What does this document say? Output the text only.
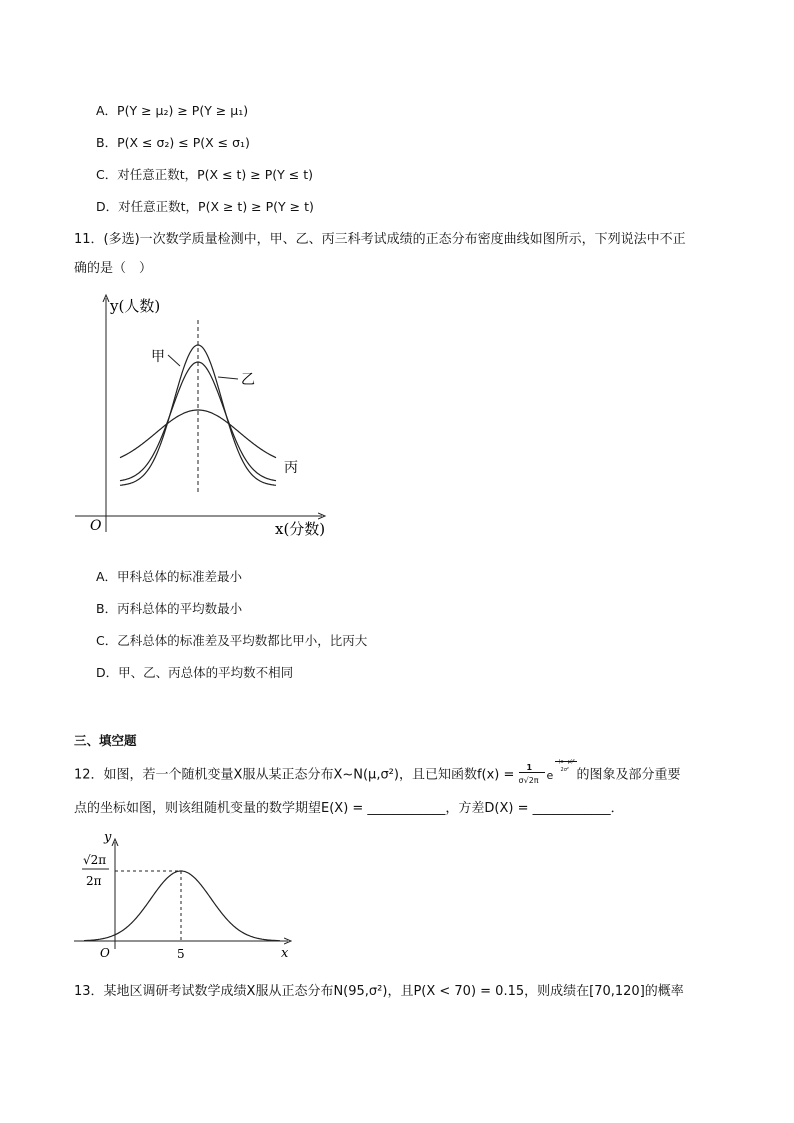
A．P(Y ≥ μ₂) ≥ P(Y ≥ μ₁)
B．P(X ≤ σ₂) ≤ P(X ≤ σ₁)
C．对任意正数t，P(X ≤ t) ≥ P(Y ≤ t)
D．对任意正数t，P(X ≥ t) ≥ P(Y ≥ t)
11．(多选)一次数学质量检测中，甲、乙、丙三科考试成绩的正态分布密度曲线如图所示，下列说法中不正
确的是（　）
y(人数)
甲
乙
丙
O	x(分数)
A．甲科总体的标准差最小
B．丙科总体的平均数最小
C．乙科总体的标准差及平均数都比甲小，比丙大
D．甲、乙、丙总体的平均数不相同
三、填空题
12．如图，若一个随机变量X服从某正态分布X~N(μ,σ²)，且已知函数f(x) = 1
σ√2π e
(x−μ)²
2σ² 的图象及部分重要
点的坐标如图，则该组随机变量的数学期望E(X) = ____________，方差D(X) = ____________．
y
√2π
2π
O	5	x
13．某地区调研考试数学成绩X服从正态分布N(95,σ²)，且P(X < 70) = 0.15，则成绩在[70,120]的概率
